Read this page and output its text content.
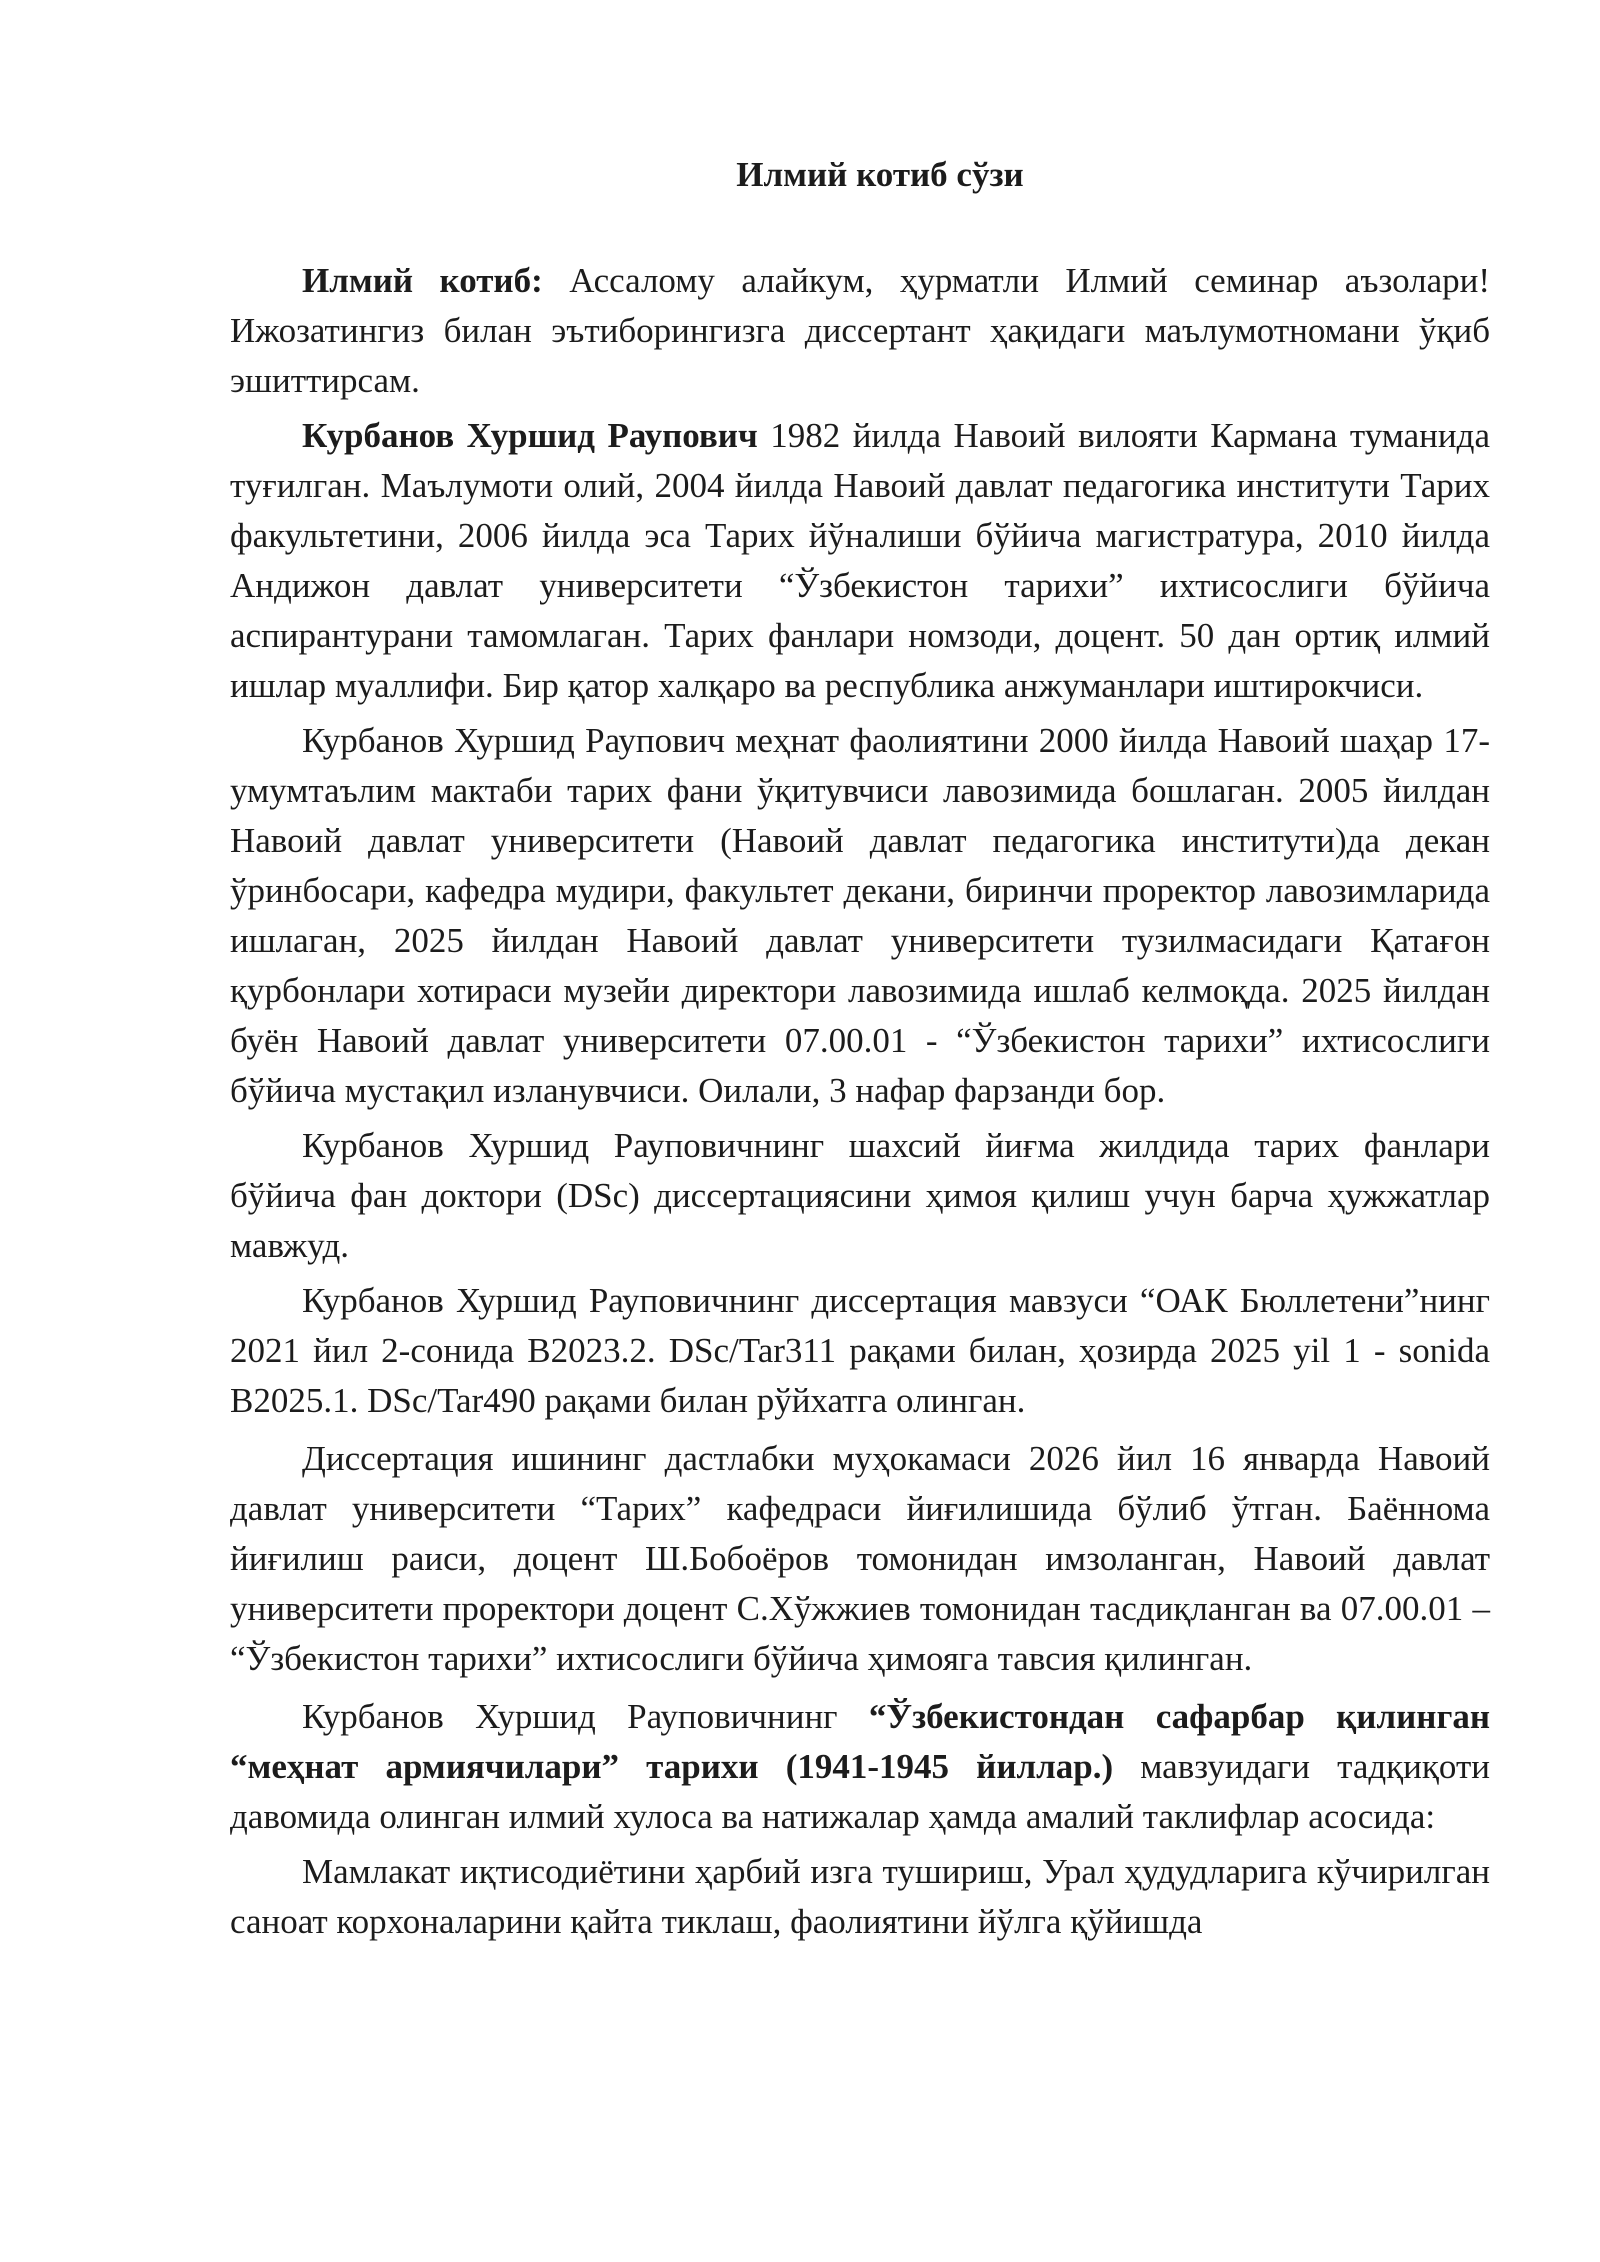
Илмий котиб сўзи

Илмий котиб: Ассалому алайкум, ҳурматли Илмий семинар аъзолари! Ижозатингиз билан эътиборингизга диссертант ҳақидаги маълумотномани ўқиб эшиттирсам.

Курбанов Хуршид Раупович 1982 йилда Навоий вилояти Кармана туманида туғилган. Маълумоти олий, 2004 йилда Навоий давлат педагогика институти Тарих факультетини, 2006 йилда эса Тарих йўналиши бўйича магистратура, 2010 йилда Андижон давлат университети “Ўзбекистон тарихи” ихтисослиги бўйича аспирантурани тамомлаган. Тарих фанлари номзоди, доцент. 50 дан ортиқ илмий ишлар муаллифи. Бир қатор халқаро ва республика анжуманлари иштирокчиси.

Курбанов Хуршид Раупович меҳнат фаолиятини 2000 йилда Навоий шаҳар 17-умумтаълим мактаби тарих фани ўқитувчиси лавозимида бошлаган. 2005 йилдан Навоий давлат университети (Навоий давлат педагогика институти)да декан ўринбосари, кафедра мудири, факультет декани, биринчи проректор лавозимларида ишлаган, 2025 йилдан Навоий давлат университети тузилмасидаги Қатағон қурбонлари хотираси музейи директори лавозимида ишлаб келмоқда. 2025 йилдан буён Навоий давлат университети 07.00.01 - “Ўзбекистон тарихи” ихтисослиги бўйича мустақил изланувчиси. Оилали, 3 нафар фарзанди бор.

Курбанов Хуршид Рауповичнинг шахсий йиғма жилдида тарих фанлари бўйича фан доктори (DSc) диссертациясини ҳимоя қилиш учун барча ҳужжатлар мавжуд.

Курбанов Хуршид Рауповичнинг диссертация мавзуси “ОАК Бюллетени”нинг 2021 йил 2-сонида B2023.2. DSc/Tar311 рақами билан, ҳозирда 2025 yil 1 - sonida B2025.1. DSc/Tar490 рақами билан рўйхатга олинган.

Диссертация ишининг дастлабки муҳокамаси 2026 йил 16 январда Навоий давлат университети “Тарих” кафедраси йиғилишида бўлиб ўтган. Баённома йиғилиш раиси, доцент Ш.Бобоёров томонидан имзоланган, Навоий давлат университети проректори доцент С.Хўжжиев томонидан тасдиқланган ва 07.00.01 – “Ўзбекистон тарихи” ихтисослиги бўйича ҳимояга тавсия қилинган.

Курбанов Хуршид Рауповичнинг “Ўзбекистондан сафарбар қилинган “меҳнат армиячилари” тарихи (1941-1945 йиллар.) мавзуидаги тадқиқоти давомида олинган илмий хулоса ва натижалар ҳамда амалий таклифлар асосида:

Мамлакат иқтисодиётини ҳарбий изга тушириш, Урал ҳудудларига кўчирилган саноат корхоналарини қайта тиклаш, фаолиятини йўлга қўйишда
